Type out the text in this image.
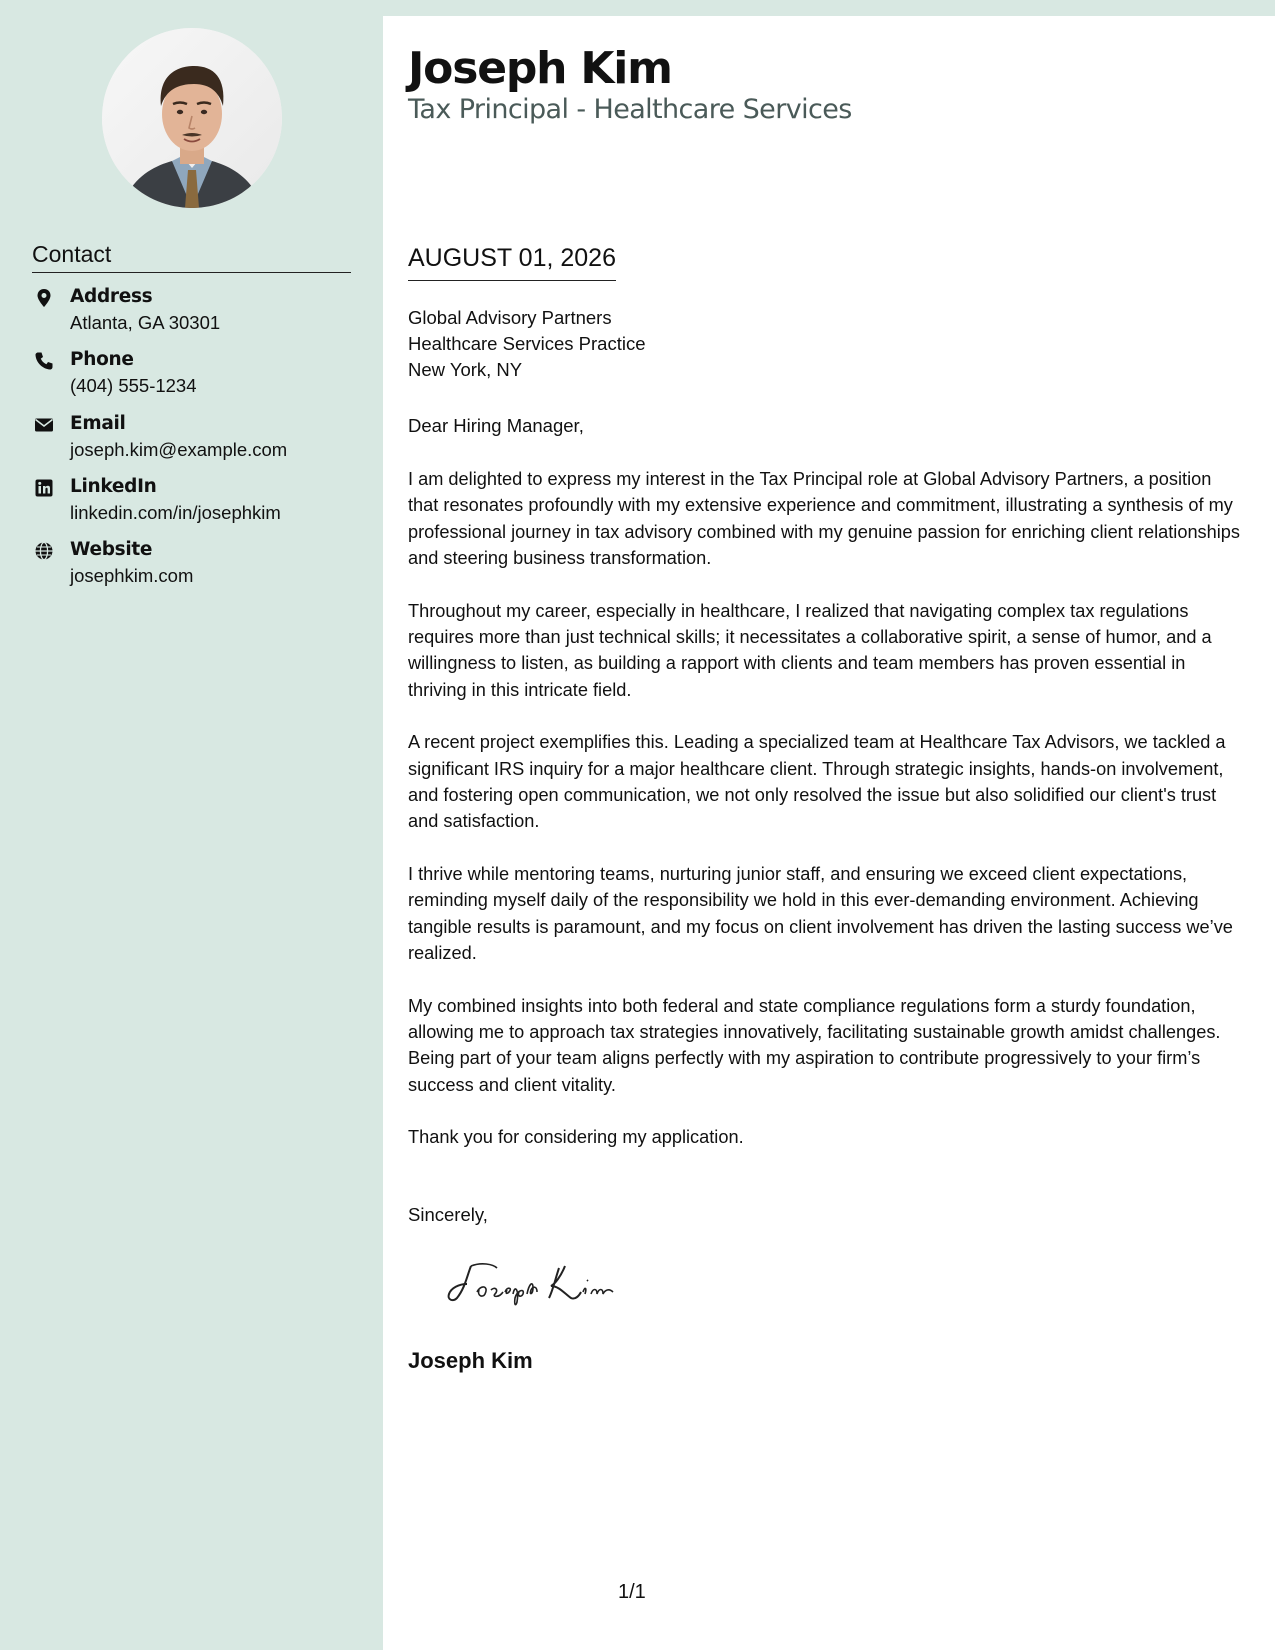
Contact
Address
Atlanta, GA 30301
Phone
(404) 555-1234
Email
joseph.kim@example.com
LinkedIn
linkedin.com/in/josephkim
Website
josephkim.com
Joseph Kim
Tax Principal - Healthcare Services
AUGUST 01, 2026
Global Advisory Partners
Healthcare Services Practice
New York, NY
Dear Hiring Manager,

I am delighted to express my interest in the Tax Principal role at Global Advisory Partners, a position that resonates profoundly with my extensive experience and commitment, illustrating a synthesis of my professional journey in tax advisory combined with my genuine passion for enriching client relationships and steering business transformation.

Throughout my career, especially in healthcare, I realized that navigating complex tax regulations requires more than just technical skills; it necessitates a collaborative spirit, a sense of humor, and a willingness to listen, as building a rapport with clients and team members has proven essential in thriving in this intricate field.

A recent project exemplifies this. Leading a specialized team at Healthcare Tax Advisors, we tackled a significant IRS inquiry for a major healthcare client. Through strategic insights, hands-on involvement, and fostering open communication, we not only resolved the issue but also solidified our client's trust and satisfaction.

I thrive while mentoring teams, nurturing junior staff, and ensuring we exceed client expectations, reminding myself daily of the responsibility we hold in this ever-demanding environment. Achieving tangible results is paramount, and my focus on client involvement has driven the lasting success we’ve realized.

My combined insights into both federal and state compliance regulations form a sturdy foundation, allowing me to approach tax strategies innovatively, facilitating sustainable growth amidst challenges. Being part of your team aligns perfectly with my aspiration to contribute progressively to your firm’s success and client vitality.

Thank you for considering my application.

Sincerely,
Joseph Kim
1/1
